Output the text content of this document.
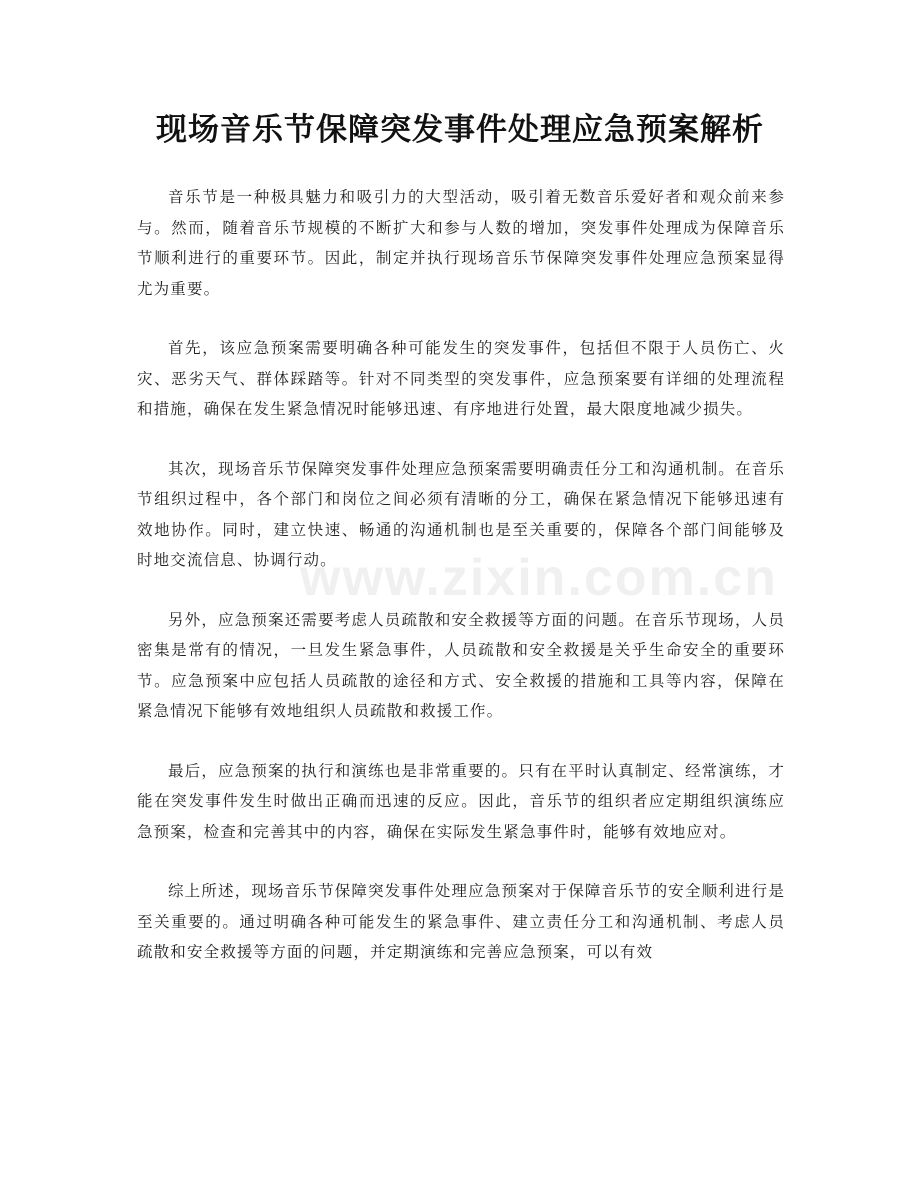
现场音乐节保障突发事件处理应急预案解析

音乐节是一种极具魅力和吸引力的大型活动，吸引着无数音乐爱好者和观众前来参与。然而，随着音乐节规模的不断扩大和参与人数的增加，突发事件处理成为保障音乐节顺利进行的重要环节。因此，制定并执行现场音乐节保障突发事件处理应急预案显得尤为重要。

首先，该应急预案需要明确各种可能发生的突发事件，包括但不限于人员伤亡、火灾、恶劣天气、群体踩踏等。针对不同类型的突发事件，应急预案要有详细的处理流程和措施，确保在发生紧急情况时能够迅速、有序地进行处置，最大限度地减少损失。

其次，现场音乐节保障突发事件处理应急预案需要明确责任分工和沟通机制。在音乐节组织过程中，各个部门和岗位之间必须有清晰的分工，确保在紧急情况下能够迅速有效地协作。同时，建立快速、畅通的沟通机制也是至关重要的，保障各个部门间能够及时地交流信息、协调行动。

另外，应急预案还需要考虑人员疏散和安全救援等方面的问题。在音乐节现场，人员密集是常有的情况，一旦发生紧急事件，人员疏散和安全救援是关乎生命安全的重要环节。应急预案中应包括人员疏散的途径和方式、安全救援的措施和工具等内容，保障在紧急情况下能够有效地组织人员疏散和救援工作。

最后，应急预案的执行和演练也是非常重要的。只有在平时认真制定、经常演练，才能在突发事件发生时做出正确而迅速的反应。因此，音乐节的组织者应定期组织演练应急预案，检查和完善其中的内容，确保在实际发生紧急事件时，能够有效地应对。

综上所述，现场音乐节保障突发事件处理应急预案对于保障音乐节的安全顺利进行是至关重要的。通过明确各种可能发生的紧急事件、建立责任分工和沟通机制、考虑人员疏散和安全救援等方面的问题，并定期演练和完善应急预案，可以有效

www.zixin.com.cn
